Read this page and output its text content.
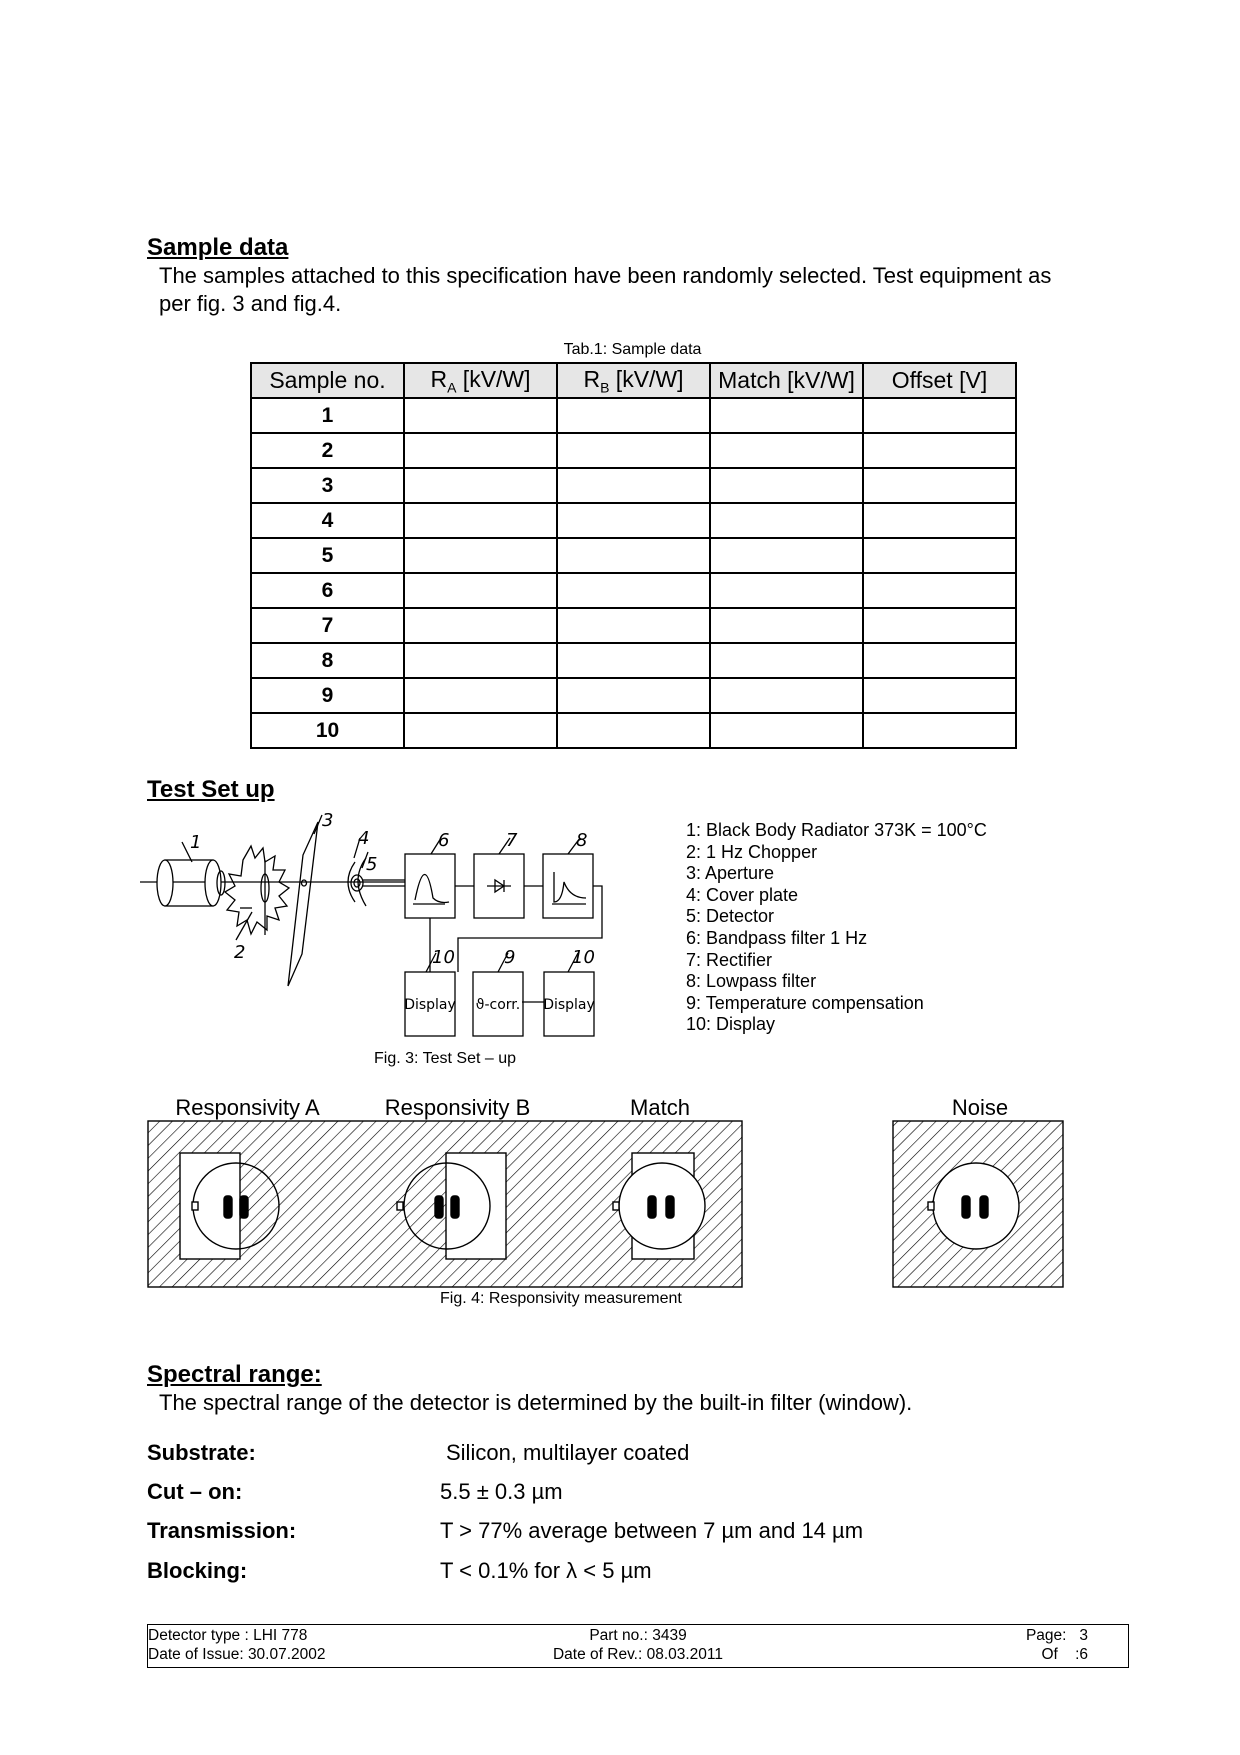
Sample data
The samples attached to this specification have been randomly selected. Test equipment as
per fig. 3 and fig.4.
Tab.1: Sample data
Sample no.	$R_A$ [kV/W]	$R_B$ [kV/W]	Match [kV/W]	Offset [V]
1				
2				
3				
4				
5				
6				
7				
8				
9				
10				
Test Set up
1
2
3
4
5
6	7	8
10	9	10
Display ϑ-corr. Display
1: Black Body Radiator 373K = 100°C
2: 1 Hz Chopper
3: Aperture
4: Cover plate
5: Detector
6: Bandpass filter 1 Hz
7: Rectifier
8: Lowpass filter
9: Temperature compensation
10: Display
Fig. 3: Test Set – up
Responsivity A	Responsivity B	Match	Noise
Fig. 4: Responsivity measurement
Spectral range:
The spectral range of the detector is determined by the built-in filter (window).
Substrate:	Silicon, multilayer coated
Cut – on:	5.5 ± 0.3 µm
Transmission:	T > 77% average between 7 µm and 14 µm
Blocking:	T < 0.1% for λ < 5 µm
Detector type : LHI 778
Date of Issue: 30.07.2002
Part no.: 3439
Date of Rev.: 08.03.2011
Page:   3
Of    :6
